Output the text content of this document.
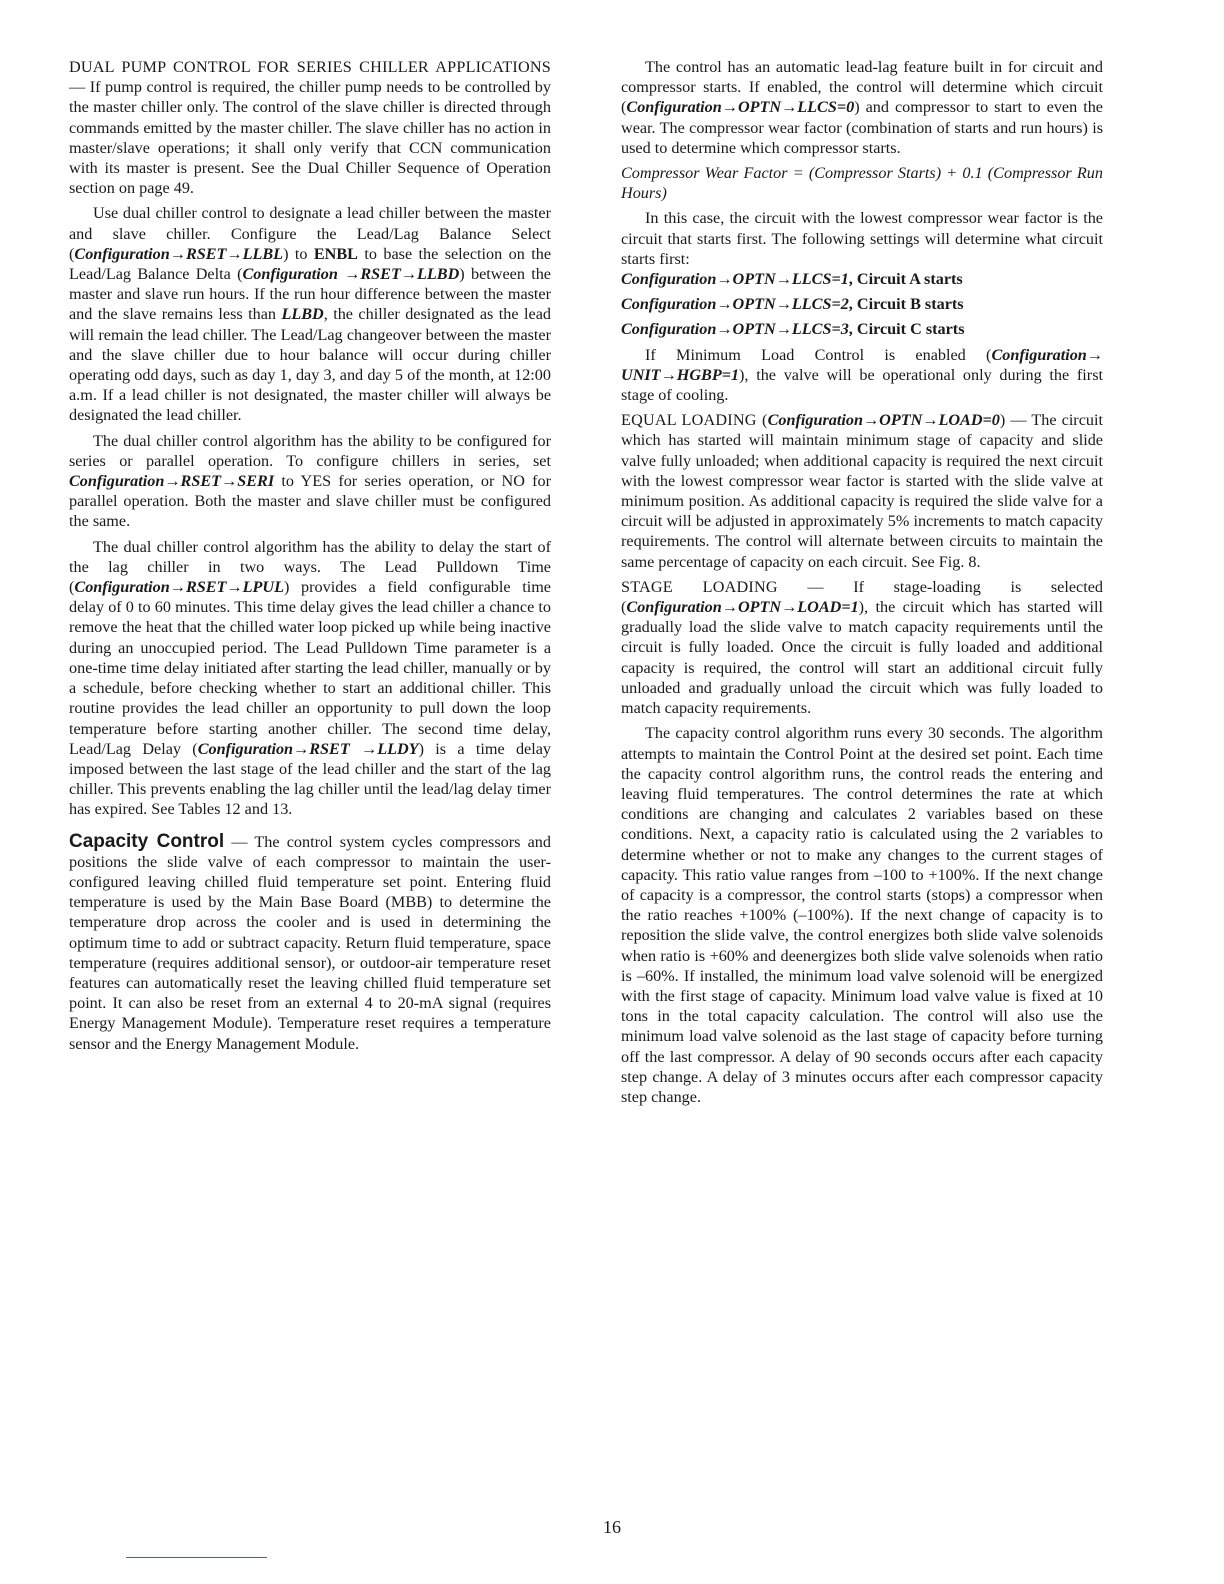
DUAL PUMP CONTROL FOR SERIES CHILLER APPLICATIONS — If pump control is required, the chiller pump needs to be controlled by the master chiller only. The control of the slave chiller is directed through commands emitted by the master chiller. The slave chiller has no action in master/slave operations; it shall only verify that CCN communication with its master is present. See the Dual Chiller Sequence of Operation section on page 49.

Use dual chiller control to designate a lead chiller between the master and slave chiller. Configure the Lead/Lag Balance Select (Configuration→RSET→LLBL) to ENBL to base the selection on the Lead/Lag Balance Delta (Configuration →RSET→LLBD) between the master and slave run hours. If the run hour difference between the master and the slave remains less than LLBD, the chiller designated as the lead will remain the lead chiller. The Lead/Lag changeover between the master and the slave chiller due to hour balance will occur during chiller operating odd days, such as day 1, day 3, and day 5 of the month, at 12:00 a.m. If a lead chiller is not designated, the master chiller will always be designated the lead chiller.

The dual chiller control algorithm has the ability to be configured for series or parallel operation. To configure chillers in series, set Configuration→RSET→SERI to YES for series operation, or NO for parallel operation. Both the master and slave chiller must be configured the same.

The dual chiller control algorithm has the ability to delay the start of the lag chiller in two ways. The Lead Pulldown Time (Configuration→RSET→LPUL) provides a field configurable time delay of 0 to 60 minutes. This time delay gives the lead chiller a chance to remove the heat that the chilled water loop picked up while being inactive during an unoccupied period. The Lead Pulldown Time parameter is a one-time time delay initiated after starting the lead chiller, manually or by a schedule, before checking whether to start an additional chiller. This routine provides the lead chiller an opportunity to pull down the loop temperature before starting another chiller. The second time delay, Lead/Lag Delay (Configuration→RSET →LLDY) is a time delay imposed between the last stage of the lead chiller and the start of the lag chiller. This prevents enabling the lag chiller until the lead/lag delay timer has expired. See Tables 12 and 13.

Capacity Control — The control system cycles compressors and positions the slide valve of each compressor to maintain the user-configured leaving chilled fluid temperature set point. Entering fluid temperature is used by the Main Base Board (MBB) to determine the temperature drop across the cooler and is used in determining the optimum time to add or subtract capacity. Return fluid temperature, space temperature (requires additional sensor), or outdoor-air temperature reset features can automatically reset the leaving chilled fluid temperature set point. It can also be reset from an external 4 to 20-mA signal (requires Energy Management Module). Temperature reset requires a temperature sensor and the Energy Management Module.

The control has an automatic lead-lag feature built in for circuit and compressor starts. If enabled, the control will determine which circuit (Configuration→OPTN→LLCS=0) and compressor to start to even the wear. The compressor wear factor (combination of starts and run hours) is used to determine which compressor starts.

Compressor Wear Factor = (Compressor Starts) + 0.1 (Compressor Run Hours)

In this case, the circuit with the lowest compressor wear factor is the circuit that starts first. The following settings will determine what circuit starts first:

Configuration→OPTN→LLCS=1, Circuit A starts

Configuration→OPTN→LLCS=2, Circuit B starts

Configuration→OPTN→LLCS=3, Circuit C starts

If Minimum Load Control is enabled (Configuration→ UNIT→HGBP=1), the valve will be operational only during the first stage of cooling.

EQUAL LOADING (Configuration→OPTN→LOAD=0) — The circuit which has started will maintain minimum stage of capacity and slide valve fully unloaded; when additional capacity is required the next circuit with the lowest compressor wear factor is started with the slide valve at minimum position. As additional capacity is required the slide valve for a circuit will be adjusted in approximately 5% increments to match capacity requirements. The control will alternate between circuits to maintain the same percentage of capacity on each circuit. See Fig. 8.

STAGE LOADING — If stage-loading is selected (Configuration→OPTN→LOAD=1), the circuit which has started will gradually load the slide valve to match capacity requirements until the circuit is fully loaded. Once the circuit is fully loaded and additional capacity is required, the control will start an additional circuit fully unloaded and gradually unload the circuit which was fully loaded to match capacity requirements.

The capacity control algorithm runs every 30 seconds. The algorithm attempts to maintain the Control Point at the desired set point. Each time the capacity control algorithm runs, the control reads the entering and leaving fluid temperatures. The control determines the rate at which conditions are changing and calculates 2 variables based on these conditions. Next, a capacity ratio is calculated using the 2 variables to determine whether or not to make any changes to the current stages of capacity. This ratio value ranges from –100 to +100%. If the next change of capacity is a compressor, the control starts (stops) a compressor when the ratio reaches +100% (–100%). If the next change of capacity is to reposition the slide valve, the control energizes both slide valve solenoids when ratio is +60% and deenergizes both slide valve solenoids when ratio is –60%. If installed, the minimum load valve solenoid will be energized with the first stage of capacity. Minimum load valve value is fixed at 10 tons in the total capacity calculation. The control will also use the minimum load valve solenoid as the last stage of capacity before turning off the last compressor. A delay of 90 seconds occurs after each capacity step change. A delay of 3 minutes occurs after each compressor capacity step change.

16
